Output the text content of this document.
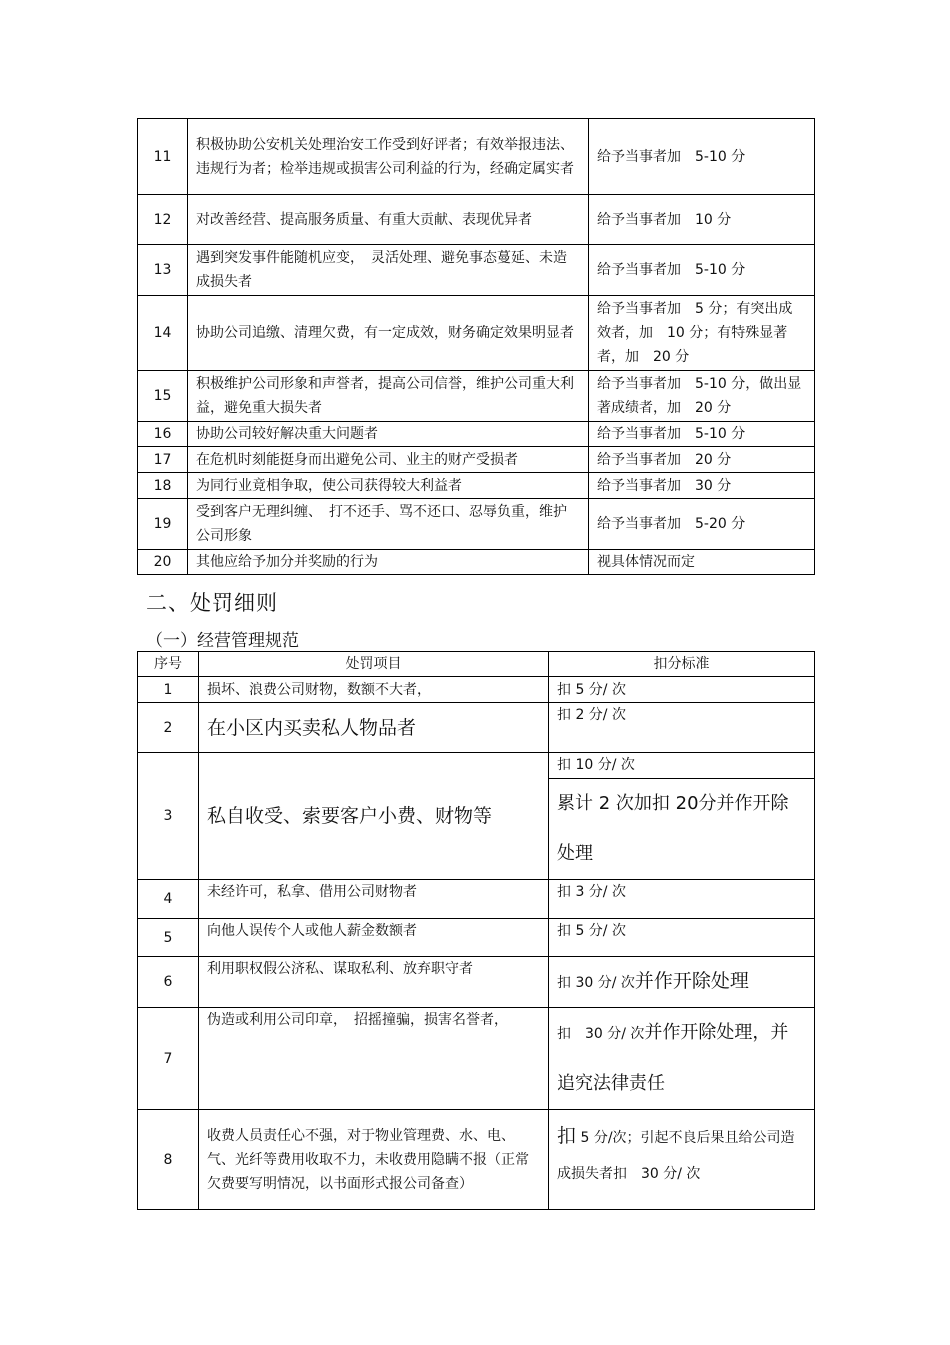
11	积极协助公安机关处理治安工作受到好评者；有效举报违法、违规行为者；检举违规或损害公司利益的行为，经确定属实者	给予当事者加　5-10 分
12	对改善经营、提高服务质量、有重大贡献、表现优异者	给予当事者加　10 分
13	遇到突发事件能随机应变，　灵活处理、避免事态蔓延、未造成损失者	给予当事者加　5-10 分
14	协助公司追缴、清理欠费，有一定成效，财务确定效果明显者	给予当事者加　5 分；有突出成效者，加　10 分；有特殊显著者，加　20 分
15	积极维护公司形象和声誉者，提高公司信誉，维护公司重大利益，避免重大损失者	给予当事者加　5-10 分，做出显著成绩者，加　20 分
16	协助公司较好解决重大问题者	给予当事者加　5-10 分
17	在危机时刻能挺身而出避免公司、业主的财产受损者	给予当事者加　20 分
18	为同行业竟相争取，使公司获得较大利益者	给予当事者加　30 分
19	受到客户无理纠缠、　打不还手、骂不还口、忍辱负重，维护公司形象	给予当事者加　5-20 分
20	其他应给予加分并奖励的行为	视具体情况而定
二、处罚细则
（一）经营管理规范
序号	处罚项目	扣分标准
1	损坏、浪费公司财物，数额不大者，	扣 5 分/ 次
2	在小区内买卖私人物品者	扣 2 分/ 次
3	私自收受、索要客户小费、财物等	扣 10 分/ 次
累计 2 次加扣 20分并作开除处理

4	未经许可，私拿、借用公司财物者	扣 3 分/ 次
5	向他人误传个人或他人薪金数额者	扣 5 分/ 次
6	利用职权假公济私、谋取私利、放弃职守者	扣 30 分/ 次并作开除处理
7	伪造或利用公司印章，　招摇撞骗，损害名誉者，	扣　30 分/ 次并作开除处理，并追究法律责任
8	收费人员责任心不强，对于物业管理费、水、电、气、光纤等费用收取不力，未收费用隐瞒不报（正常欠费要写明情况，以书面形式报公司备查）	扣 5 分/次；引起不良后果且给公司造成损失者扣　30 分/ 次
